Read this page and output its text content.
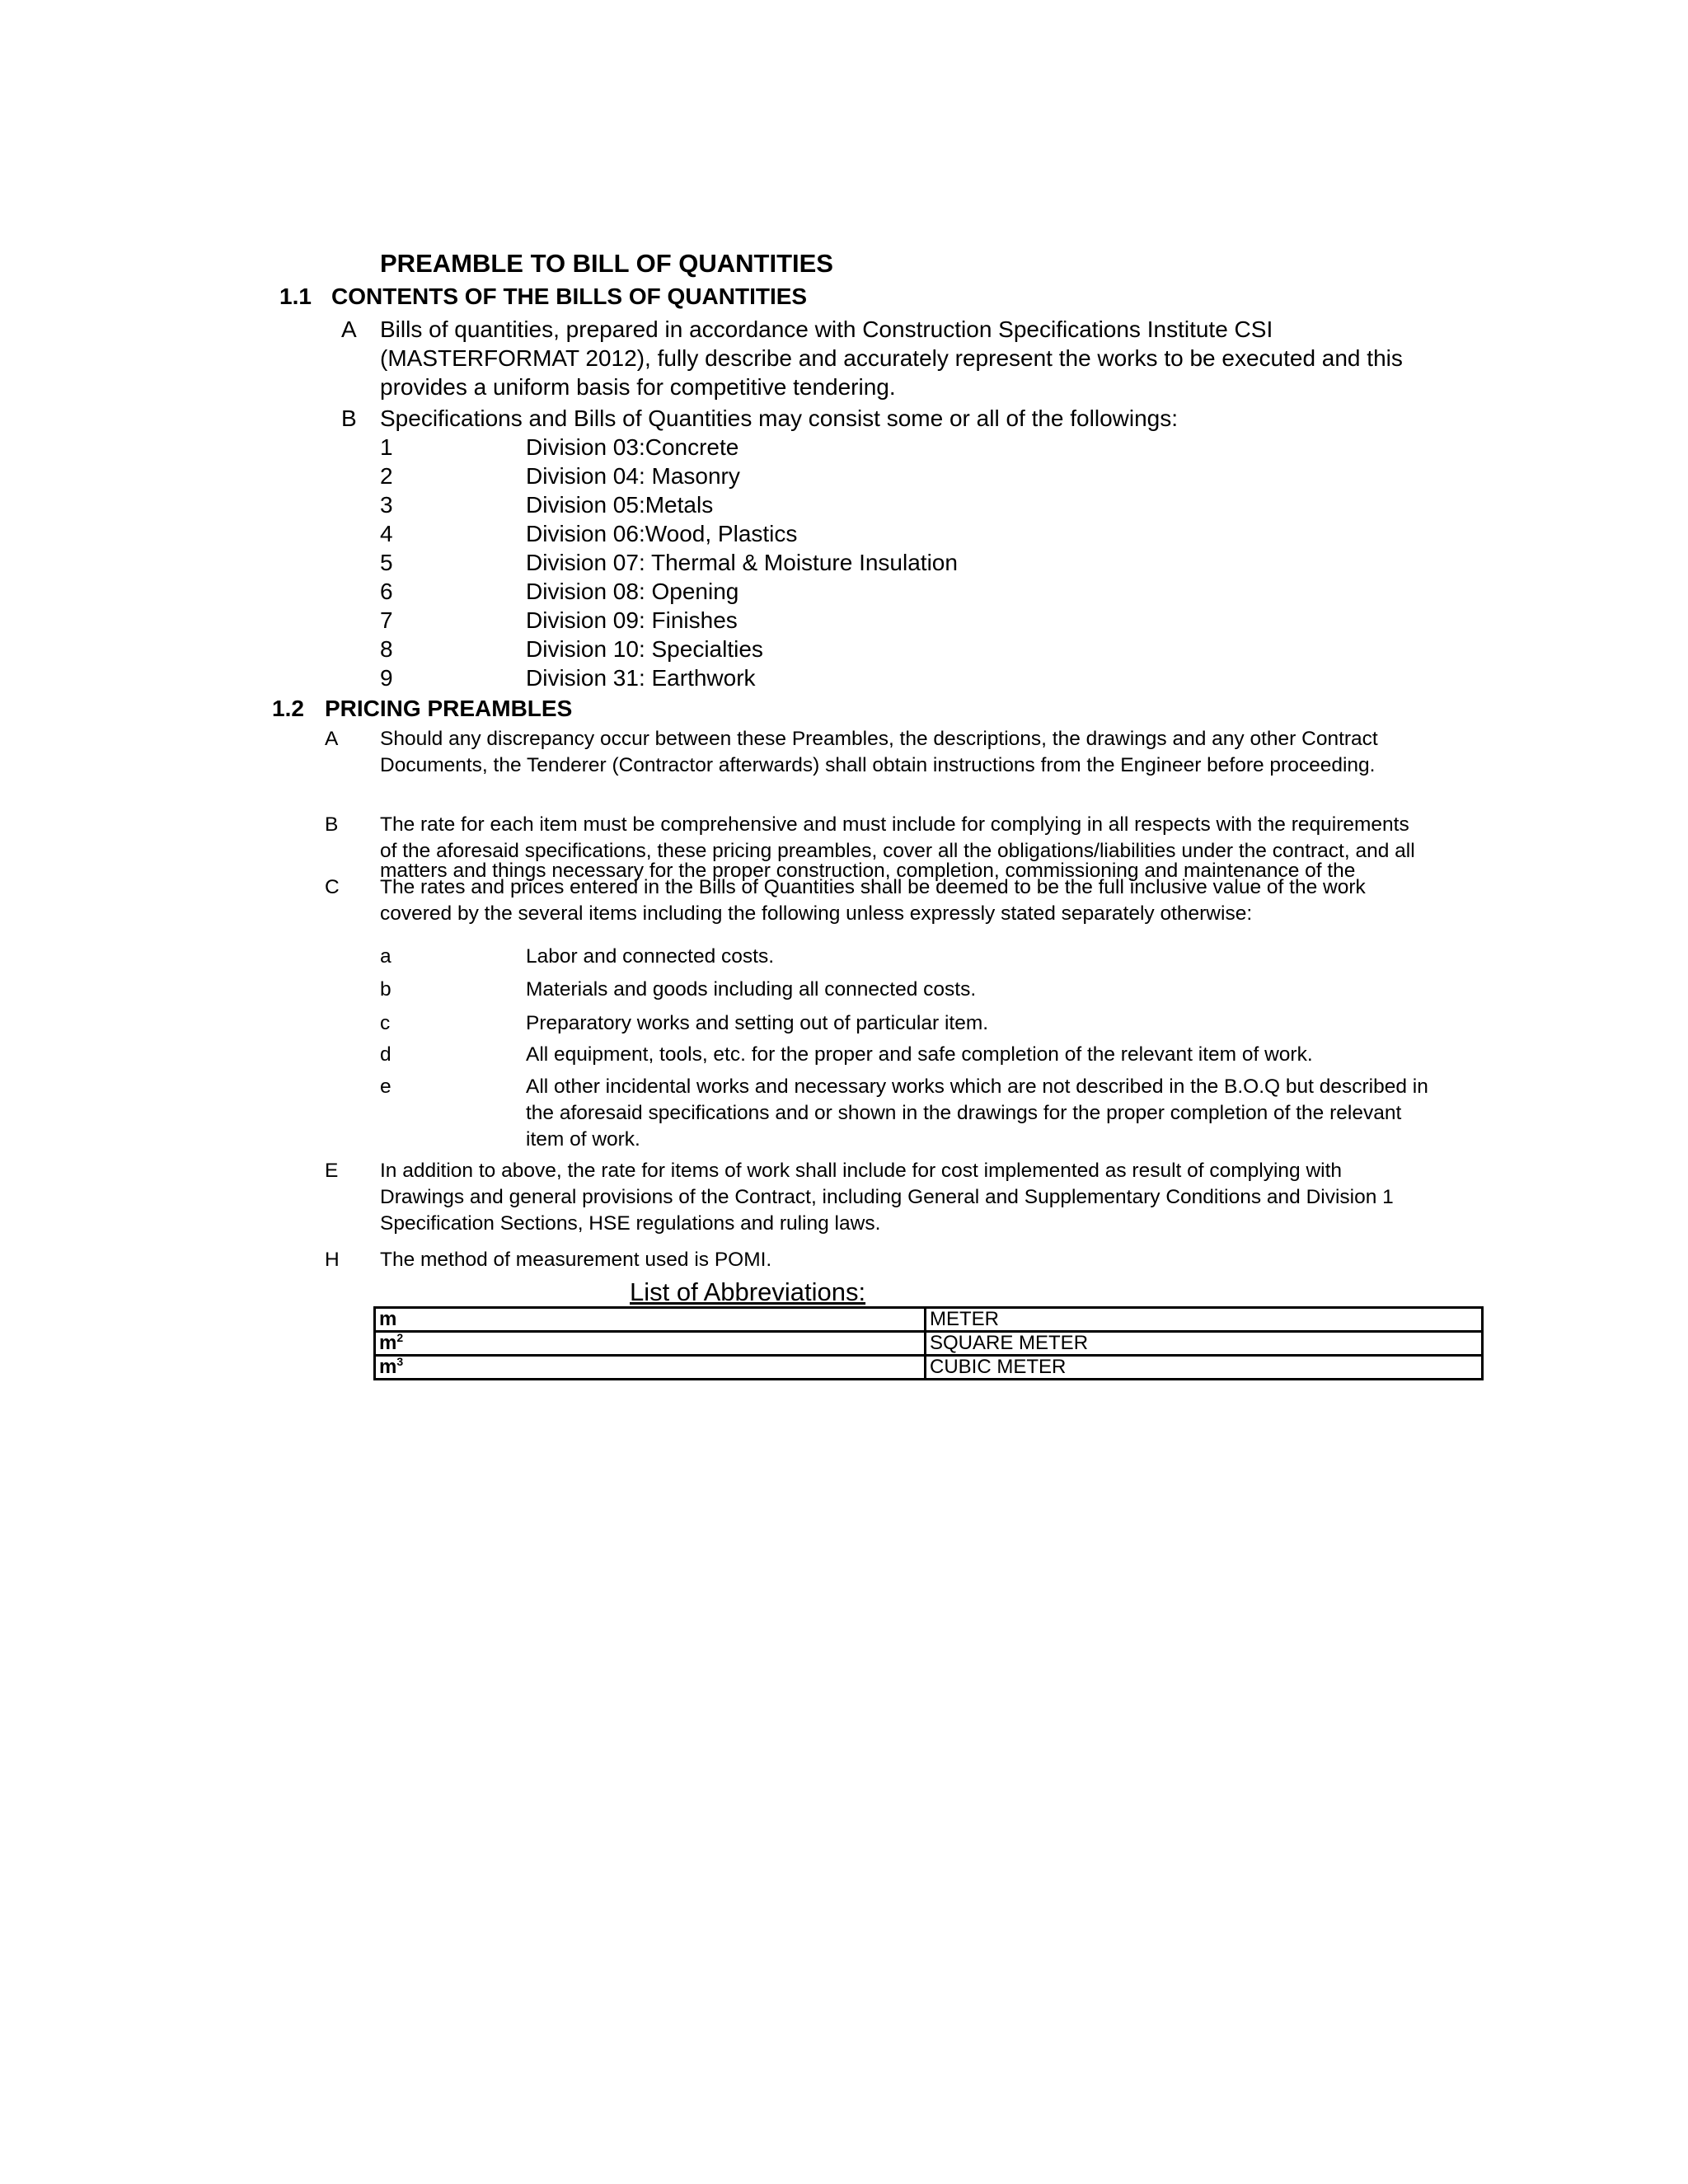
PREAMBLE TO BILL OF QUANTITIES
1.1 CONTENTS OF THE BILLS OF QUANTITIES
A Bills of quantities, prepared in accordance with Construction Specifications Institute CSI
(MASTERFORMAT 2012), fully describe and accurately represent the works to be executed and this
provides a uniform basis for competitive tendering.
B Specifications and Bills of Quantities may consist some or all of the followings:
1	Division 03:Concrete
2	Division 04: Masonry
3	Division 05:Metals
4	Division 06:Wood, Plastics
5	Division 07: Thermal & Moisture Insulation
6	Division 08: Opening
7	Division 09: Finishes
8	Division 10: Specialties
9	Division 31: Earthwork
1.2 PRICING PREAMBLES
A Should any discrepancy occur between these Preambles, the descriptions, the drawings and any other Contract
Documents, the Tenderer (Contractor afterwards) shall obtain instructions from the Engineer before proceeding.
B The rate for each item must be comprehensive and must include for complying in all respects with the requirements
of the aforesaid specifications, these pricing preambles, cover all the obligations/liabilities under the contract, and all
matters and things necessary for the proper construction, completion, commissioning and maintenance of the
C The rates and prices entered in the Bills of Quantities shall be deemed to be the full inclusive value of the work
covered by the several items including the following unless expressly stated separately otherwise:
a	Labor and connected costs.
b	Materials and goods including all connected costs.
c	Preparatory works and setting out of particular item.
d	All equipment, tools, etc. for the proper and safe completion of the relevant item of work.
e	All other incidental works and necessary works which are not described in the B.O.Q but described in
the aforesaid specifications and or shown in the drawings for the proper completion of the relevant
item of work.
E In addition to above, the rate for items of work shall include for cost implemented as result of complying with
Drawings and general provisions of the Contract, including General and Supplementary Conditions and Division 1
Specification Sections, HSE regulations and ruling laws.
H The method of measurement used is POMI.
List of Abbreviations:
m	METER
$m^2$	SQUARE METER
$m^3$	CUBIC METER
